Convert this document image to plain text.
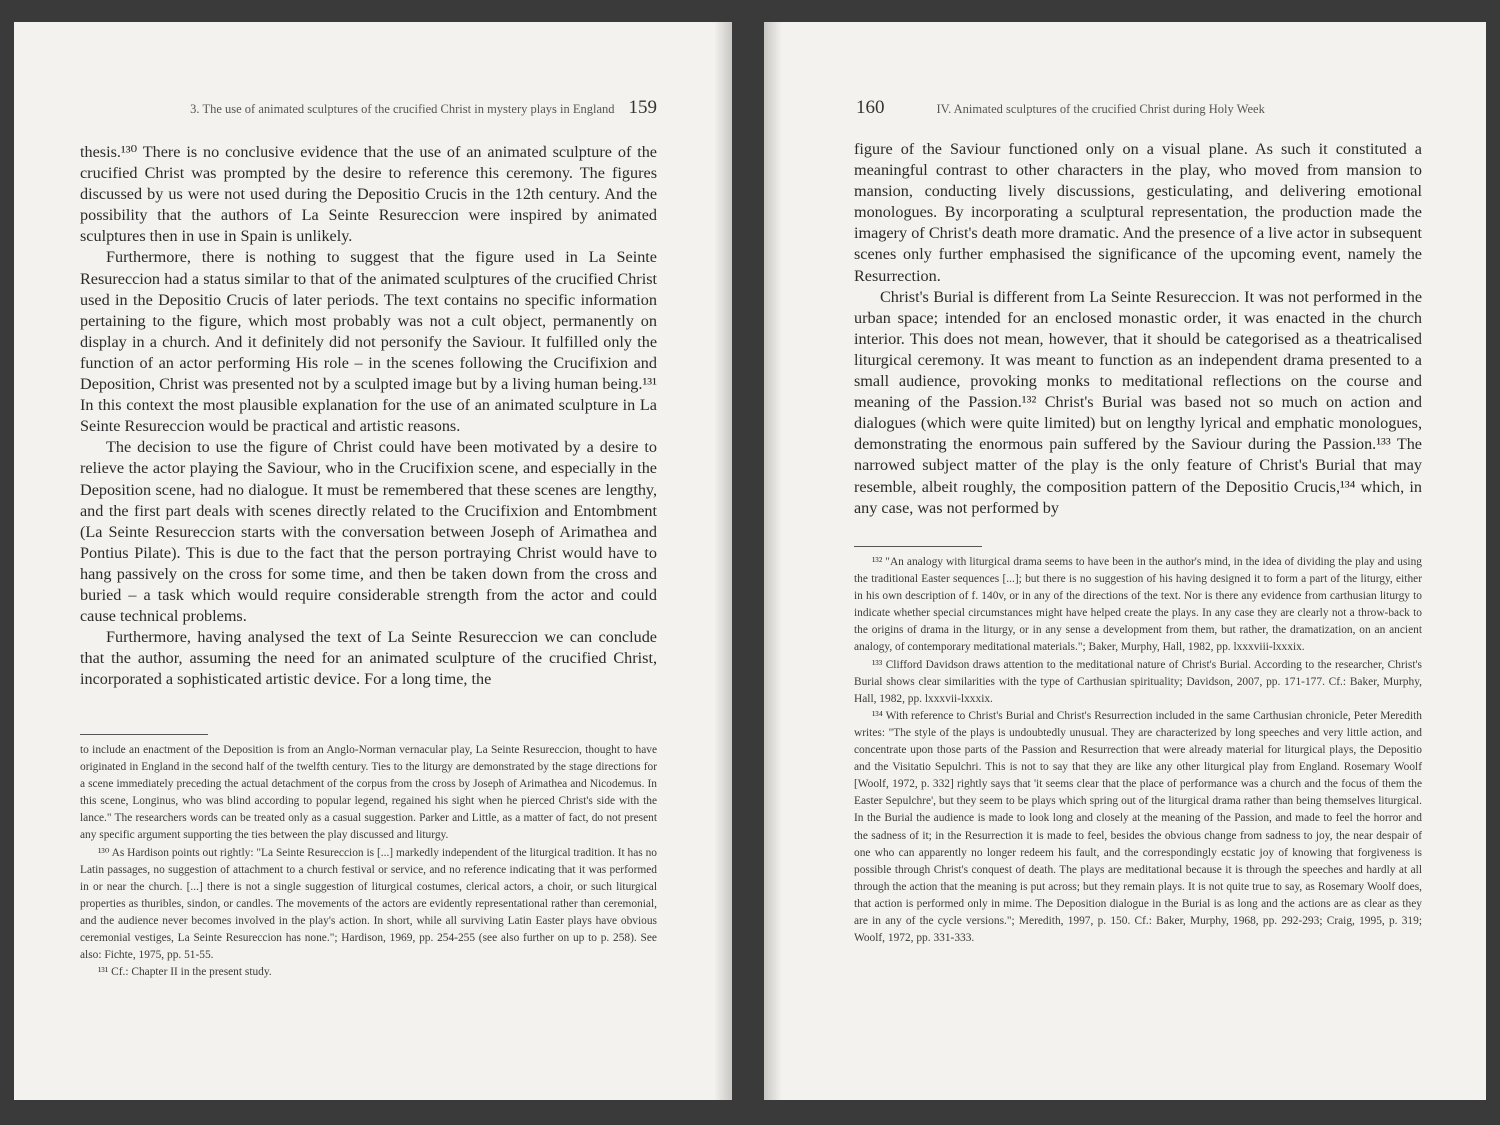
3. The use of animated sculptures of the crucified Christ in mystery plays in England 159

thesis.¹³⁰ There is no conclusive evidence that the use of an animated sculpture of the crucified Christ was prompted by the desire to reference this ceremony. The figures discussed by us were not used during the Depositio Crucis in the 12th century. And the possibility that the authors of La Seinte Resureccion were inspired by animated sculptures then in use in Spain is unlikely.

Furthermore, there is nothing to suggest that the figure used in La Seinte Resureccion had a status similar to that of the animated sculptures of the crucified Christ used in the Depositio Crucis of later periods. The text contains no specific information pertaining to the figure, which most probably was not a cult object, permanently on display in a church. And it definitely did not personify the Saviour. It fulfilled only the function of an actor performing His role – in the scenes following the Crucifixion and Deposition, Christ was presented not by a sculpted image but by a living human being.¹³¹ In this context the most plausible explanation for the use of an animated sculpture in La Seinte Resureccion would be practical and artistic reasons.

The decision to use the figure of Christ could have been motivated by a desire to relieve the actor playing the Saviour, who in the Crucifixion scene, and especially in the Deposition scene, had no dialogue. It must be remembered that these scenes are lengthy, and the first part deals with scenes directly related to the Crucifixion and Entombment (La Seinte Resureccion starts with the conversation between Joseph of Arimathea and Pontius Pilate). This is due to the fact that the person portraying Christ would have to hang passively on the cross for some time, and then be taken down from the cross and buried – a task which would require considerable strength from the actor and could cause technical problems.

Furthermore, having analysed the text of La Seinte Resureccion we can conclude that the author, assuming the need for an animated sculpture of the crucified Christ, incorporated a sophisticated artistic device. For a long time, the

to include an enactment of the Deposition is from an Anglo-Norman vernacular play, La Seinte Resureccion, thought to have originated in England in the second half of the twelfth century. Ties to the liturgy are demonstrated by the stage directions for a scene immediately preceding the actual detachment of the corpus from the cross by Joseph of Arimathea and Nicodemus. In this scene, Longinus, who was blind according to popular legend, regained his sight when he pierced Christ's side with the lance." The researchers words can be treated only as a casual suggestion. Parker and Little, as a matter of fact, do not present any specific argument supporting the ties between the play discussed and liturgy.

¹³⁰ As Hardison points out rightly: "La Seinte Resureccion is [...] markedly independent of the liturgical tradition. It has no Latin passages, no suggestion of attachment to a church festival or service, and no reference indicating that it was performed in or near the church. [...] there is not a single suggestion of liturgical costumes, clerical actors, a choir, or such liturgical properties as thuribles, sindon, or candles. The movements of the actors are evidently representational rather than ceremonial, and the audience never becomes involved in the play's action. In short, while all surviving Latin Easter plays have obvious ceremonial vestiges, La Seinte Resureccion has none."; Hardison, 1969, pp. 254-255 (see also further on up to p. 258). See also: Fichte, 1975, pp. 51-55.

¹³¹ Cf.: Chapter II in the present study.

160	IV. Animated sculptures of the crucified Christ during Holy Week

figure of the Saviour functioned only on a visual plane. As such it constituted a meaningful contrast to other characters in the play, who moved from mansion to mansion, conducting lively discussions, gesticulating, and delivering emotional monologues. By incorporating a sculptural representation, the production made the imagery of Christ's death more dramatic. And the presence of a live actor in subsequent scenes only further emphasised the significance of the upcoming event, namely the Resurrection.

Christ's Burial is different from La Seinte Resureccion. It was not performed in the urban space; intended for an enclosed monastic order, it was enacted in the church interior. This does not mean, however, that it should be categorised as a theatricalised liturgical ceremony. It was meant to function as an independent drama presented to a small audience, provoking monks to meditational reflections on the course and meaning of the Passion.¹³² Christ's Burial was based not so much on action and dialogues (which were quite limited) but on lengthy lyrical and emphatic monologues, demonstrating the enormous pain suffered by the Saviour during the Passion.¹³³ The narrowed subject matter of the play is the only feature of Christ's Burial that may resemble, albeit roughly, the composition pattern of the Depositio Crucis,¹³⁴ which, in any case, was not performed by

¹³² "An analogy with liturgical drama seems to have been in the author's mind, in the idea of dividing the play and using the traditional Easter sequences [...]; but there is no suggestion of his having designed it to form a part of the liturgy, either in his own description of f. 140v, or in any of the directions of the text. Nor is there any evidence from carthusian liturgy to indicate whether special circumstances might have helped create the plays. In any case they are clearly not a throw-back to the origins of drama in the liturgy, or in any sense a development from them, but rather, the dramatization, on an ancient analogy, of contemporary meditational materials."; Baker, Murphy, Hall, 1982, pp. lxxxviii-lxxxix.

¹³³ Clifford Davidson draws attention to the meditational nature of Christ's Burial. According to the researcher, Christ's Burial shows clear similarities with the type of Carthusian spirituality; Davidson, 2007, pp. 171-177. Cf.: Baker, Murphy, Hall, 1982, pp. lxxxvii-lxxxix.

¹³⁴ With reference to Christ's Burial and Christ's Resurrection included in the same Carthusian chronicle, Peter Meredith writes: "The style of the plays is undoubtedly unusual. They are characterized by long speeches and very little action, and concentrate upon those parts of the Passion and Resurrection that were already material for liturgical plays, the Depositio and the Visitatio Sepulchri. This is not to say that they are like any other liturgical play from England. Rosemary Woolf [Woolf, 1972, p. 332] rightly says that 'it seems clear that the place of performance was a church and the focus of them the Easter Sepulchre', but they seem to be plays which spring out of the liturgical drama rather than being themselves liturgical. In the Burial the audience is made to look long and closely at the meaning of the Passion, and made to feel the horror and the sadness of it; in the Resurrection it is made to feel, besides the obvious change from sadness to joy, the near despair of one who can apparently no longer redeem his fault, and the correspondingly ecstatic joy of knowing that forgiveness is possible through Christ's conquest of death. The plays are meditational because it is through the speeches and hardly at all through the action that the meaning is put across; but they remain plays. It is not quite true to say, as Rosemary Woolf does, that action is performed only in mime. The Deposition dialogue in the Burial is as long and the actions are as clear as they are in any of the cycle versions."; Meredith, 1997, p. 150. Cf.: Baker, Murphy, 1968, pp. 292-293; Craig, 1995, p. 319; Woolf, 1972, pp. 331-333.
